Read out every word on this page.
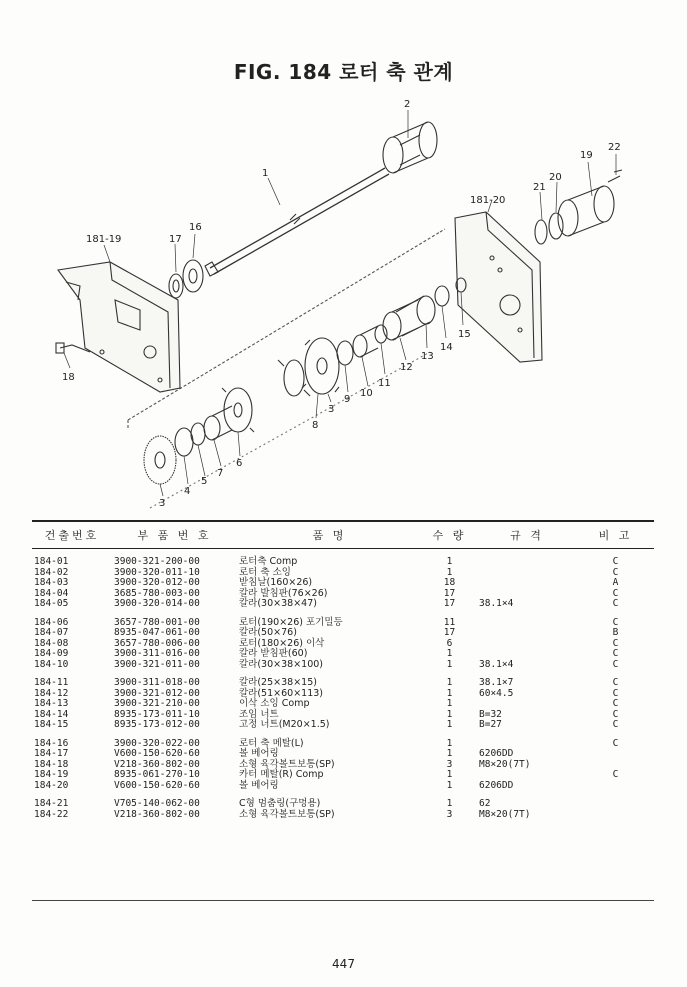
FIG. 184 로터 축 관계
2
1
22
19
20
21
181-20
181-19	17
16
18
15
14
13
12
11
10
9
3
8
6
7
5
4
3
건출번호	부 품 번 호	품 명	수 량	규 격	비 고

184-01	3900-321-200-00	로터축 Comp	1		C
184-02	3900-320-011-10	로터 축 소잉	1		C
184-03	3900-320-012-00	받침날(160×26)	18		A
184-04	3685-780-003-00	칼라 발침판(76×26)	17		C
184-05	3900-320-014-00	칼라(30×38×47)	17	38.1×4	C

184-06	3657-780-001-00	로터(190×26) 포기밀등	11		C
184-07	8935-047-061-00	칼라(50×76)	17		B
184-08	3657-780-006-00	로터(180×26) 이삭	6		C
184-09	3900-311-016-00	칼라 받침판(60)	1		C
184-10	3900-321-011-00	칼라(30×38×100)	1	38.1×4	C

184-11	3900-311-018-00	칼라(25×38×15)	1	38.1×7	C
184-12	3900-321-012-00	칼라(51×60×113)	1	60×4.5	C
184-13	3900-321-210-00	이삭 소잉 Comp	1		C
184-14	8935-173-011-10	조임 너트	1	B=32	C
184-15	8935-173-012-00	고정 너트(M20×1.5)	1	B=27	C

184-16	3900-320-022-00	로터 축 메탈(L)	1		C
184-17	V600-150-620-60	볼 베어링	1	6206DD	
184-18	V218-360-802-00	소형 육각볼트보통(SP)	3	M8×20(7T)	
184-19	8935-061-270-10	카터 메탈(R) Comp	1		C
184-20	V600-150-620-60	볼 베어링	1	6206DD	

184-21	V705-140-062-00	C형 멈춤링(구멍용)	1	62	
184-22	V218-360-802-00	소형 육각볼트보통(SP)	3	M8×20(7T)	
447
